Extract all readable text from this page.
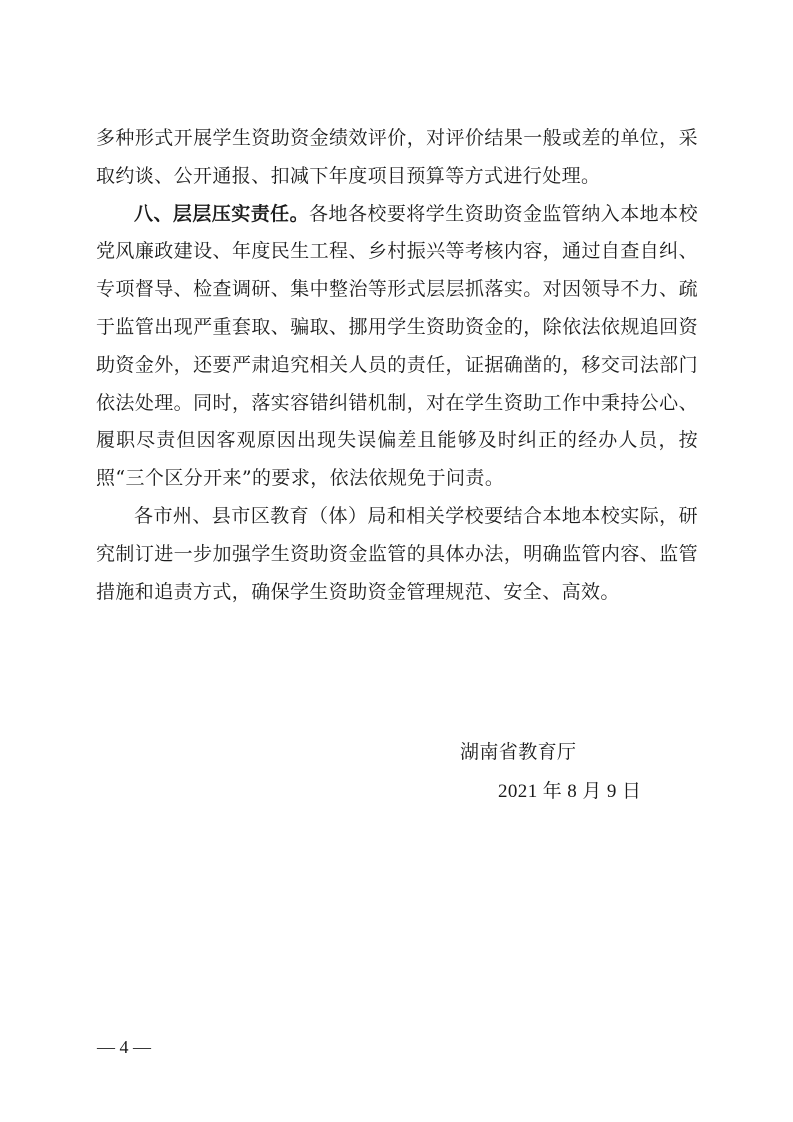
多种形式开展学生资助资金绩效评价，对评价结果一般或差的单位，采取约谈、公开通报、扣减下年度项目预算等方式进行处理。

八、层层压实责任。各地各校要将学生资助资金监管纳入本地本校党风廉政建设、年度民生工程、乡村振兴等考核内容，通过自查自纠、专项督导、检查调研、集中整治等形式层层抓落实。对因领导不力、疏于监管出现严重套取、骗取、挪用学生资助资金的，除依法依规追回资助资金外，还要严肃追究相关人员的责任，证据确凿的，移交司法部门依法处理。同时，落实容错纠错机制，对在学生资助工作中秉持公心、履职尽责但因客观原因出现失误偏差且能够及时纠正的经办人员，按照“三个区分开来”的要求，依法依规免于问责。

各市州、县市区教育（体）局和相关学校要结合本地本校实际，研究制订进一步加强学生资助资金监管的具体办法，明确监管内容、监管措施和追责方式，确保学生资助资金管理规范、安全、高效。

湖南省教育厅
2021 年 8 月 9 日
— 4 —
